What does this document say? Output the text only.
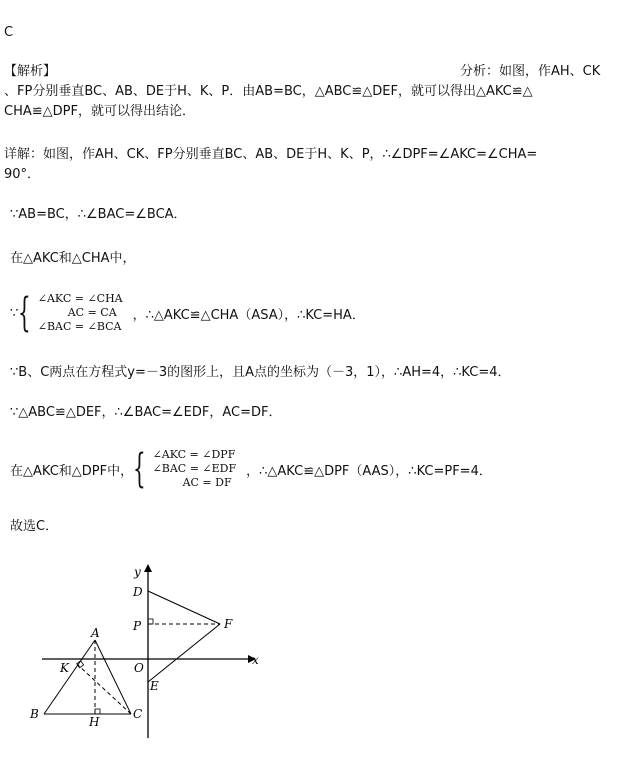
C
【解析】	分析：如图，作AH、CK
、FP分别垂直BC、AB、DE于H、K、P．由AB=BC，△ABC≌△DEF，就可以得出△AKC≌△
CHA≌△DPF，就可以得出结论．
详解：如图，作AH、CK、FP分别垂直BC、AB、DE于H、K、P，∴∠DPF=∠AKC=∠CHA=
90°．
∵AB=BC，∴∠BAC=∠BCA．
在△AKC和△CHA中，
∵ { ∠AKC = ∠CHA
AC = CA
∠BAC = ∠BCA
，∴△AKC≌△CHA（ASA），∴KC=HA．
∵B、C两点在方程式y=－3的图形上，且A点的坐标为（－3，1），∴AH=4，∴KC=4．
∵△ABC≌△DEF，∴∠BAC=∠EDF，AC=DF．
在△AKC和△DPF中， { ∠AKC = ∠DPF
∠BAC = ∠EDF
AC = DF
，∴△AKC≌△DPF（AAS），∴KC=PF=4．
故选C．
y
x
D
P	F
A
K	O
E
B
H
C
